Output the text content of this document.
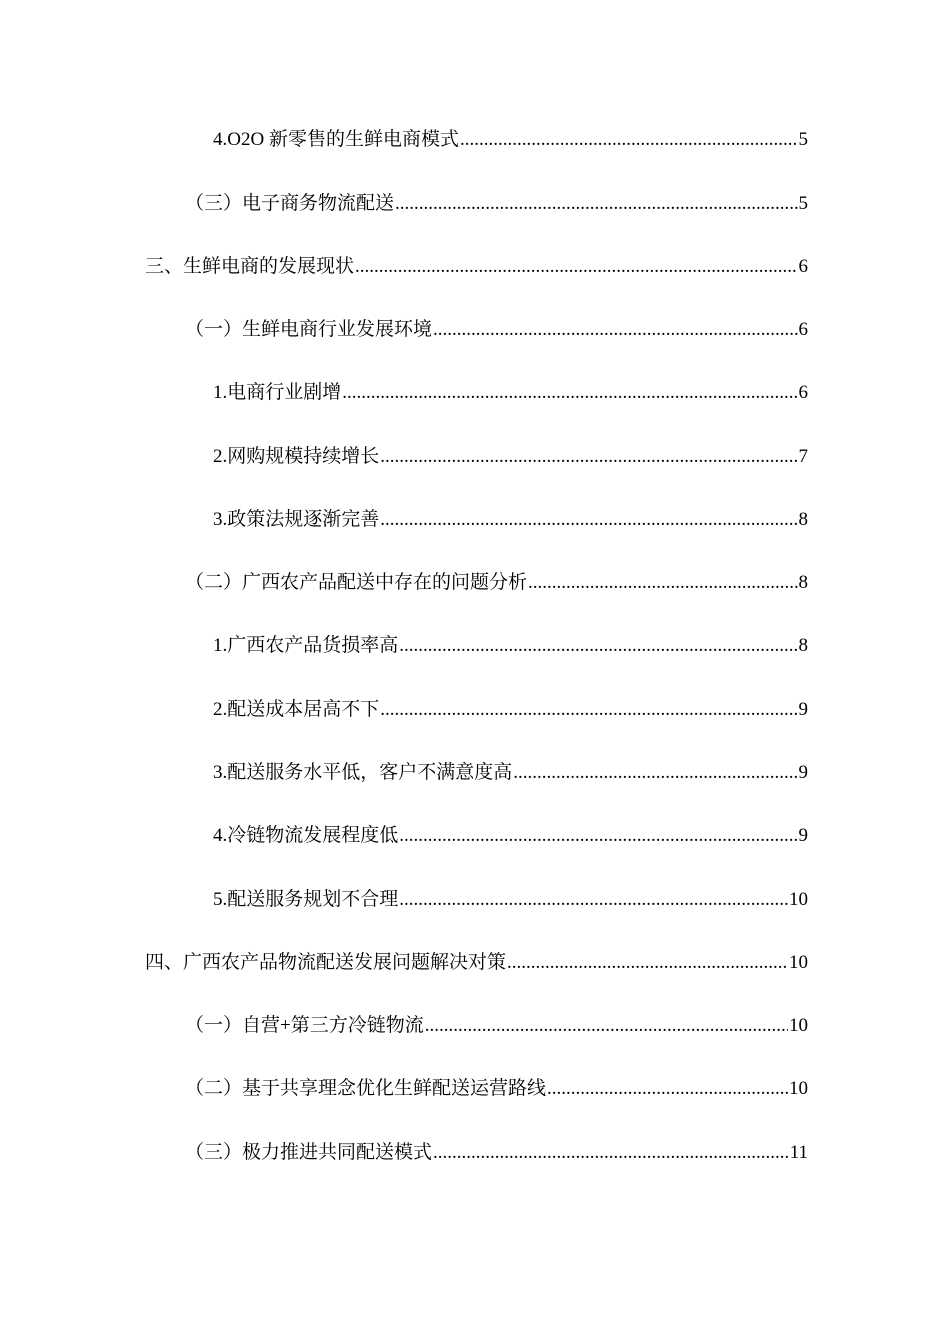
4.O2O 新零售的生鲜电商模式 .....	5
（三）电子商务物流配送 .....	5
三、生鲜电商的发展现状 .....	6
（一）生鲜电商行业发展环境 .....	6
1.电商行业剧增 .....	6
2.网购规模持续增长 .....	7
3.政策法规逐渐完善 .....	8
（二）广西农产品配送中存在的问题分析 .....	8
1.广西农产品货损率高 .....	8
2.配送成本居高不下 .....	9
3.配送服务水平低，客户不满意度高 .....	9
4.冷链物流发展程度低 .....	9
5.配送服务规划不合理 .....	10
四、广西农产品物流配送发展问题解决对策 .....	10
（一）自营+第三方冷链物流 .....	10
（二）基于共享理念优化生鲜配送运营路线 .....	10
（三）极力推进共同配送模式 .....	11
